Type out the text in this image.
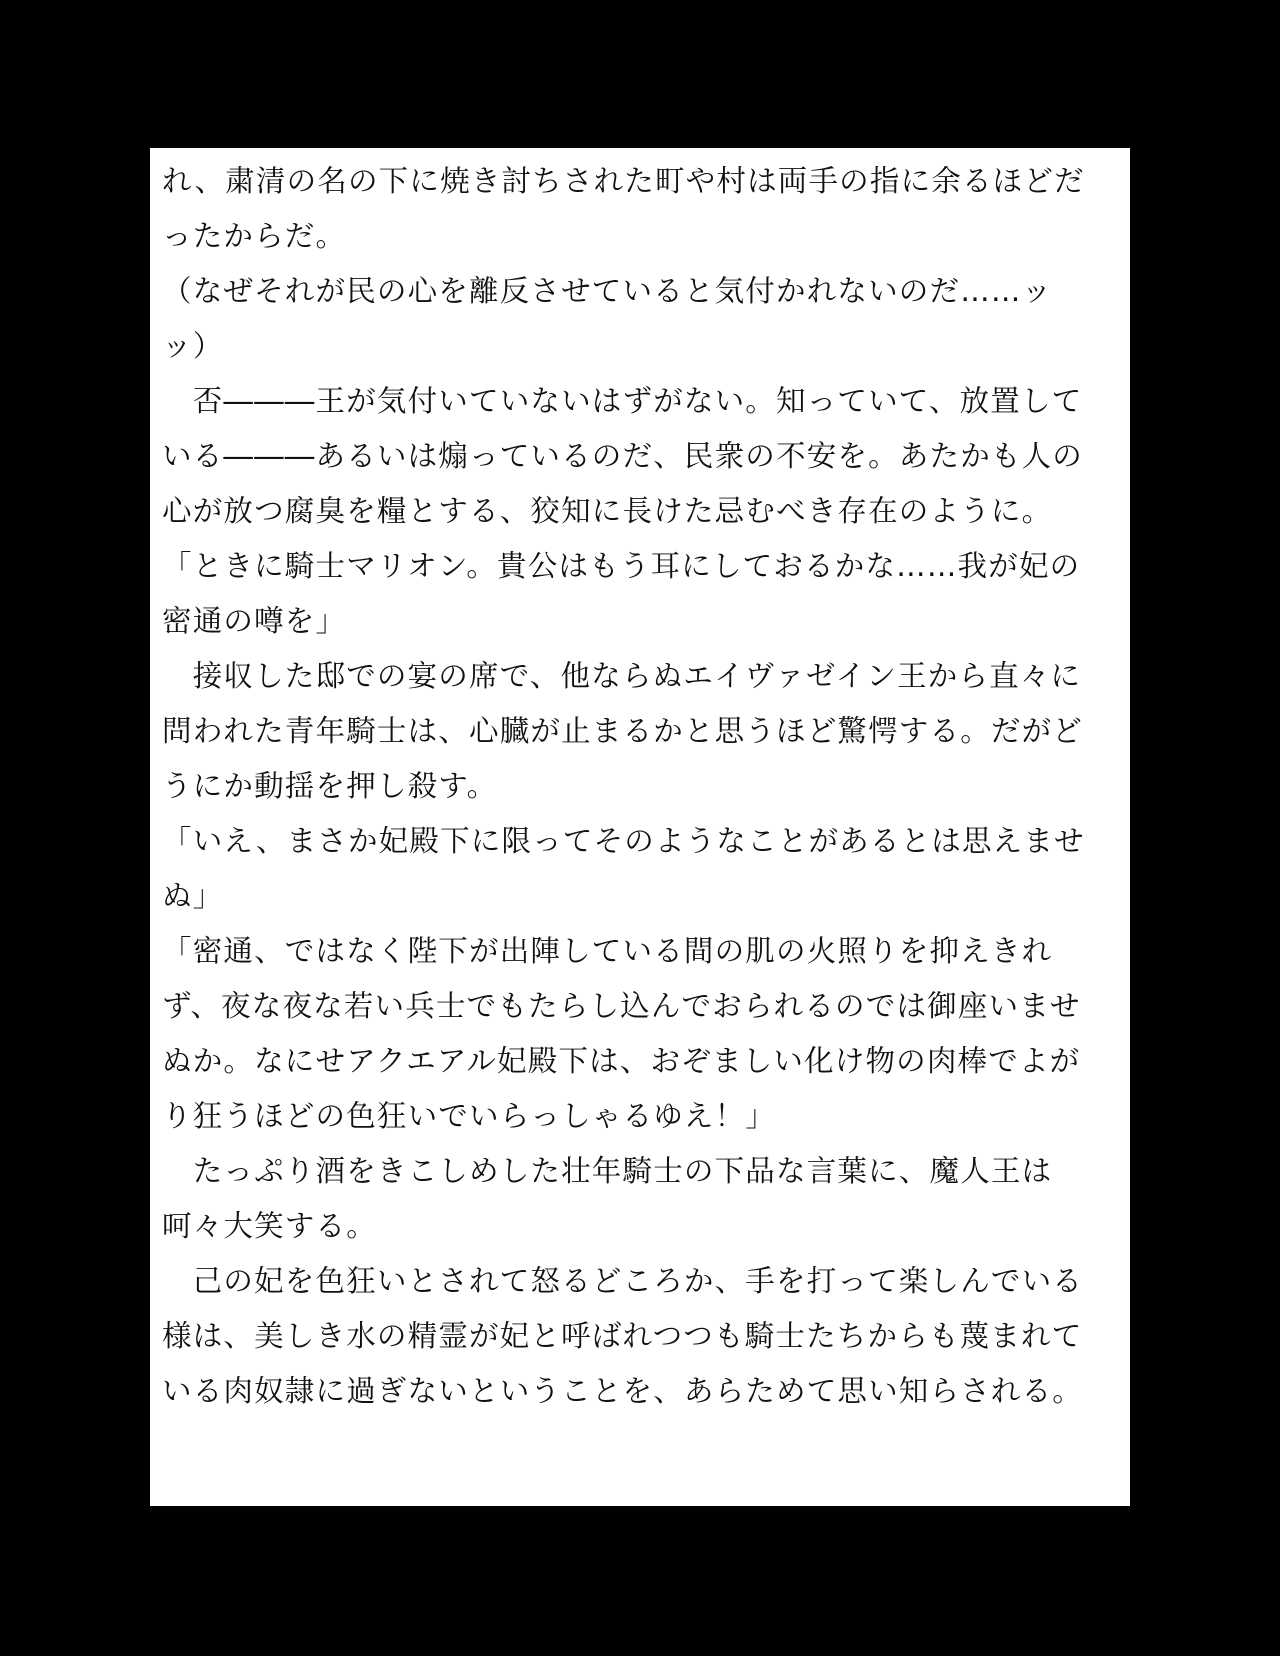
れ、粛清の名の下に焼き討ちされた町や村は両手の指に余るほどだ
ったからだ。
（なぜそれが民の心を離反させていると気付かれないのだ……ッ
ッ）
　否―――王が気付いていないはずがない。知っていて、放置して
いる―――あるいは煽っているのだ、民衆の不安を。あたかも人の
心が放つ腐臭を糧とする、狡知に長けた忌むべき存在のように。
「ときに騎士マリオン。貴公はもう耳にしておるかな……我が妃の
密通の噂を」
　接収した邸での宴の席で、他ならぬエイヴァゼイン王から直々に
問われた青年騎士は、心臓が止まるかと思うほど驚愕する。だがど
うにか動揺を押し殺す。
「いえ、まさか妃殿下に限ってそのようなことがあるとは思えませ
ぬ」
「密通、ではなく陛下が出陣している間の肌の火照りを抑えきれ
ず、夜な夜な若い兵士でもたらし込んでおられるのでは御座いませ
ぬか。なにせアクエアル妃殿下は、おぞましい化け物の肉棒でよが
り狂うほどの色狂いでいらっしゃるゆえ！」
　たっぷり酒をきこしめした壮年騎士の下品な言葉に、魔人王は
呵々大笑する。
　己の妃を色狂いとされて怒るどころか、手を打って楽しんでいる
様は、美しき水の精霊が妃と呼ばれつつも騎士たちからも蔑まれて
いる肉奴隷に過ぎないということを、あらためて思い知らされる。
